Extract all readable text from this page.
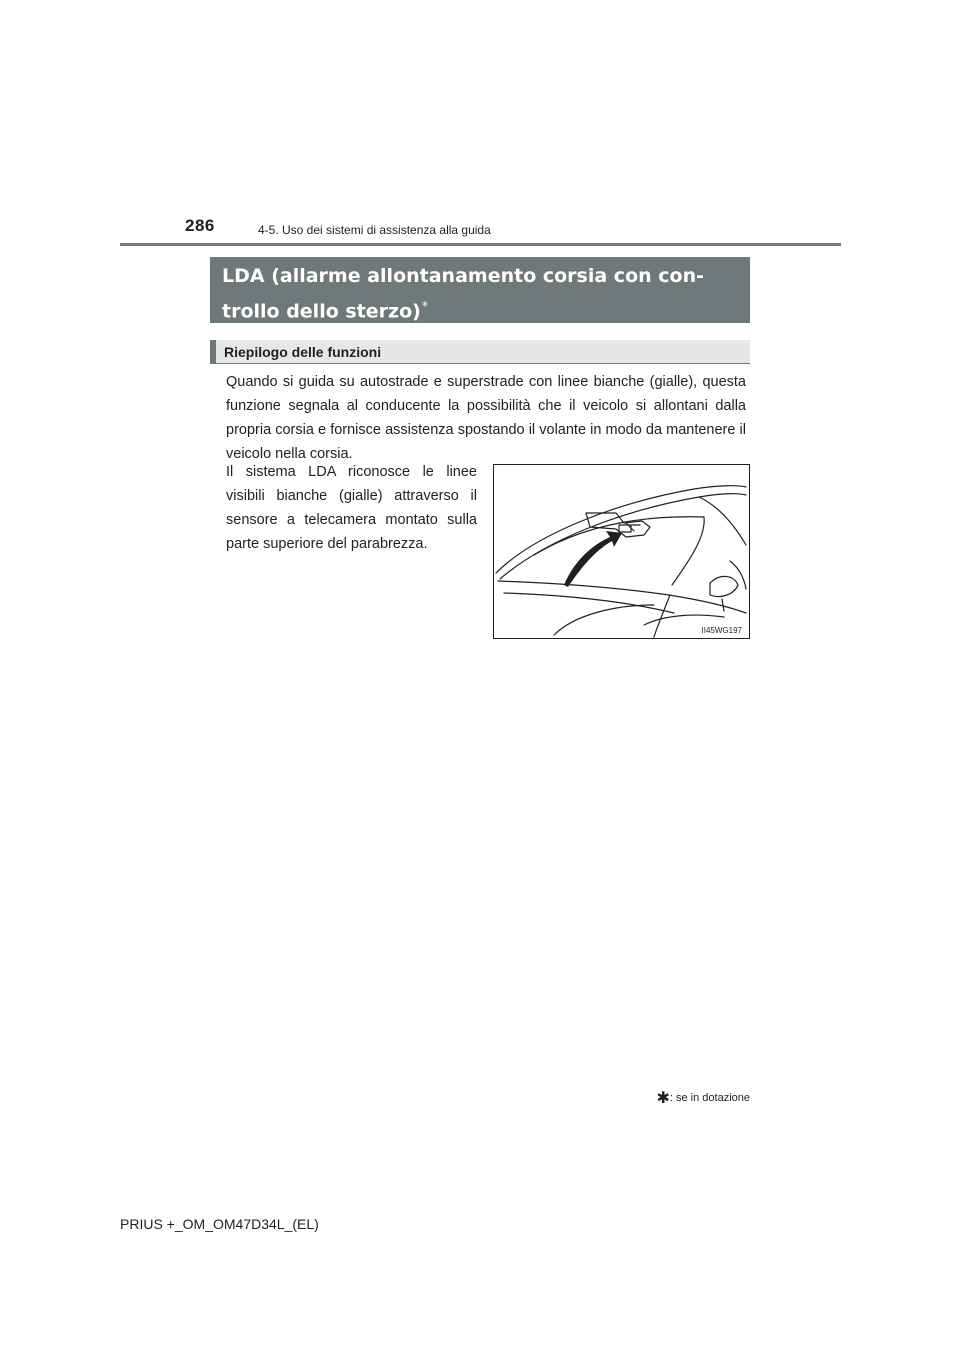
286	4-5. Uso dei sistemi di assistenza alla guida
LDA (allarme allontanamento corsia con con-trollo dello sterzo)*
Riepilogo delle funzioni
Quando si guida su autostrade e superstrade con linee bianche (gialle), questa funzione segnala al conducente la possibilità che il veicolo si allontani dalla propria corsia e fornisce assistenza spostando il volante in modo da mantenere il veicolo nella corsia.
Il sistema LDA riconosce le linee visibili bianche (gialle) attraverso il sensore a telecamera montato sulla parte superiore del parabrezza.
II45WG197
✱: se in dotazione
PRIUS +_OM_OM47D34L_(EL)
